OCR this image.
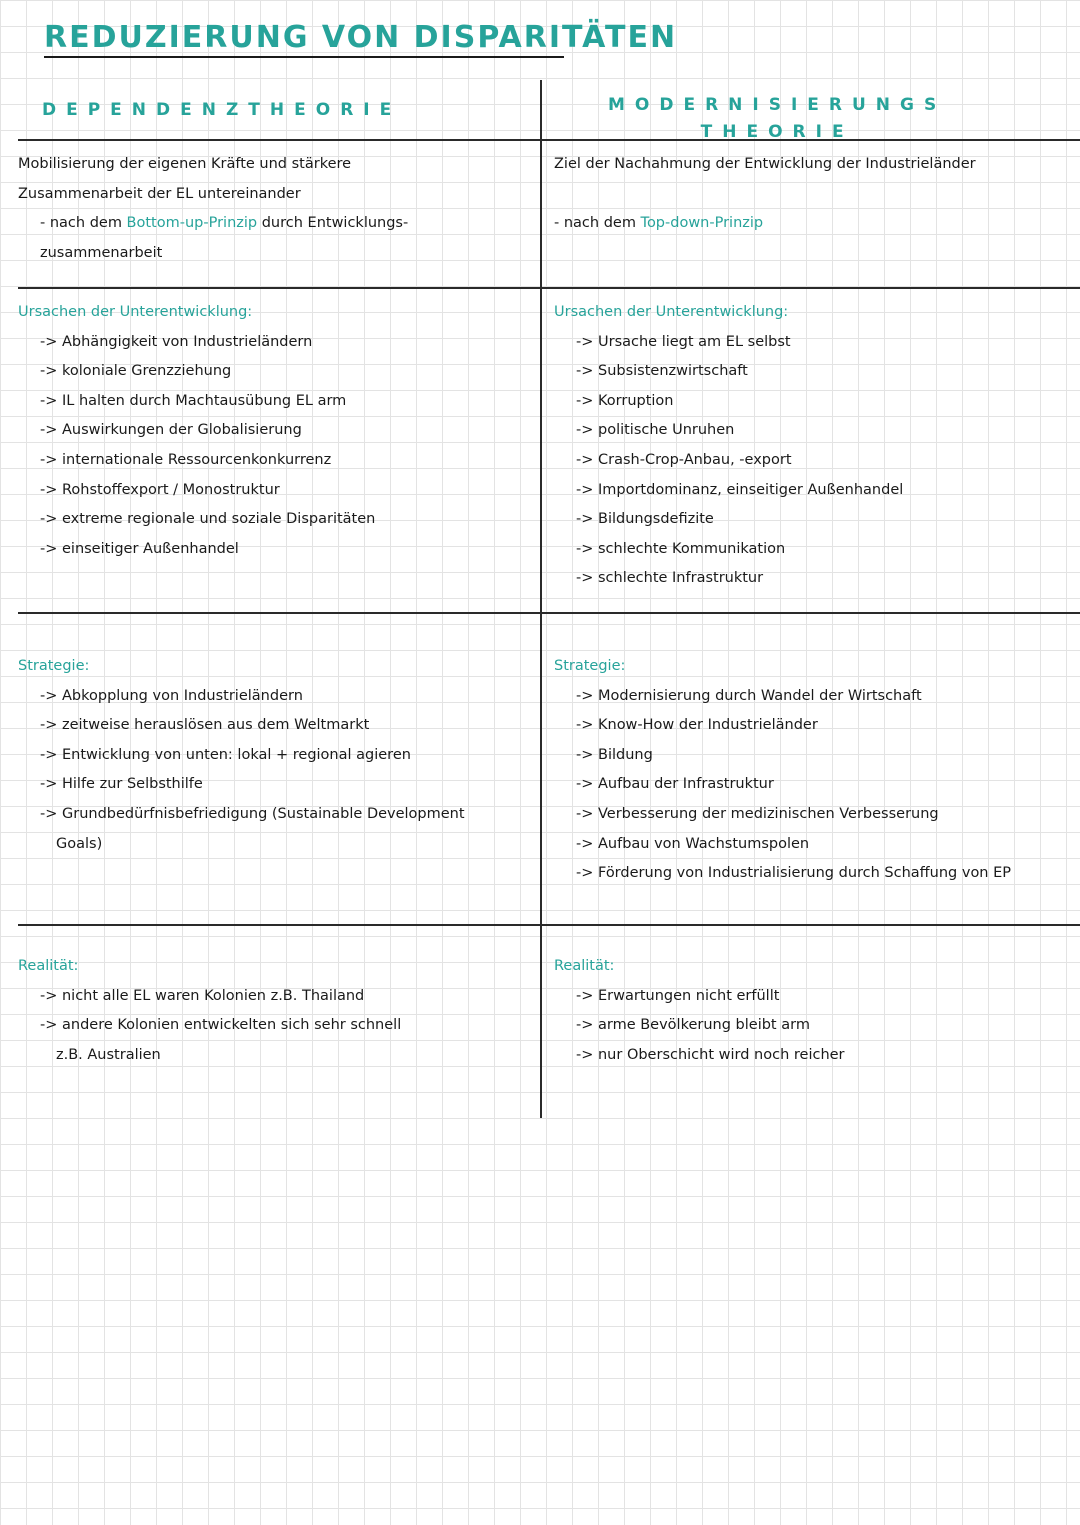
REDUZIERUNG VON DISPARITÄTEN
DEPENDENZTHEORIE	MODERNISIERUNGS
THEORIE
Mobilisierung der eigenen Kräfte und stärkere
Zusammenarbeit der EL untereinander
- nach dem Bottom-up-Prinzip durch Entwicklungs-
zusammenarbeit
Ziel der Nachahmung der Entwicklung der Industrieländer
- nach dem Top-down-Prinzip
Ursachen der Unterentwicklung:
-> Abhängigkeit von Industrieländern
-> koloniale Grenzziehung
-> IL halten durch Machtausübung EL arm
-> Auswirkungen der Globalisierung
-> internationale Ressourcenkonkurrenz
-> Rohstoffexport / Monostruktur
-> extreme regionale und soziale Disparitäten
-> einseitiger Außenhandel
Ursachen der Unterentwicklung:
-> Ursache liegt am EL selbst
-> Subsistenzwirtschaft
-> Korruption
-> politische Unruhen
-> Crash-Crop-Anbau, -export
-> Importdominanz, einseitiger Außenhandel
-> Bildungsdefizite
-> schlechte Kommunikation
-> schlechte Infrastruktur
Strategie:
-> Abkopplung von Industrieländern
-> zeitweise herauslösen aus dem Weltmarkt
-> Entwicklung von unten: lokal + regional agieren
-> Hilfe zur Selbsthilfe
-> Grundbedürfnisbefriedigung (Sustainable Development
Goals)
Strategie:
-> Modernisierung durch Wandel der Wirtschaft
-> Know-How der Industrieländer
-> Bildung
-> Aufbau der Infrastruktur
-> Verbesserung der medizinischen Verbesserung
-> Aufbau von Wachstumspolen
-> Förderung von Industrialisierung durch Schaffung von EP
Realität:
-> nicht alle EL waren Kolonien z.B. Thailand
-> andere Kolonien entwickelten sich sehr schnell
z.B. Australien
Realität:
-> Erwartungen nicht erfüllt
-> arme Bevölkerung bleibt arm
-> nur Oberschicht wird noch reicher
